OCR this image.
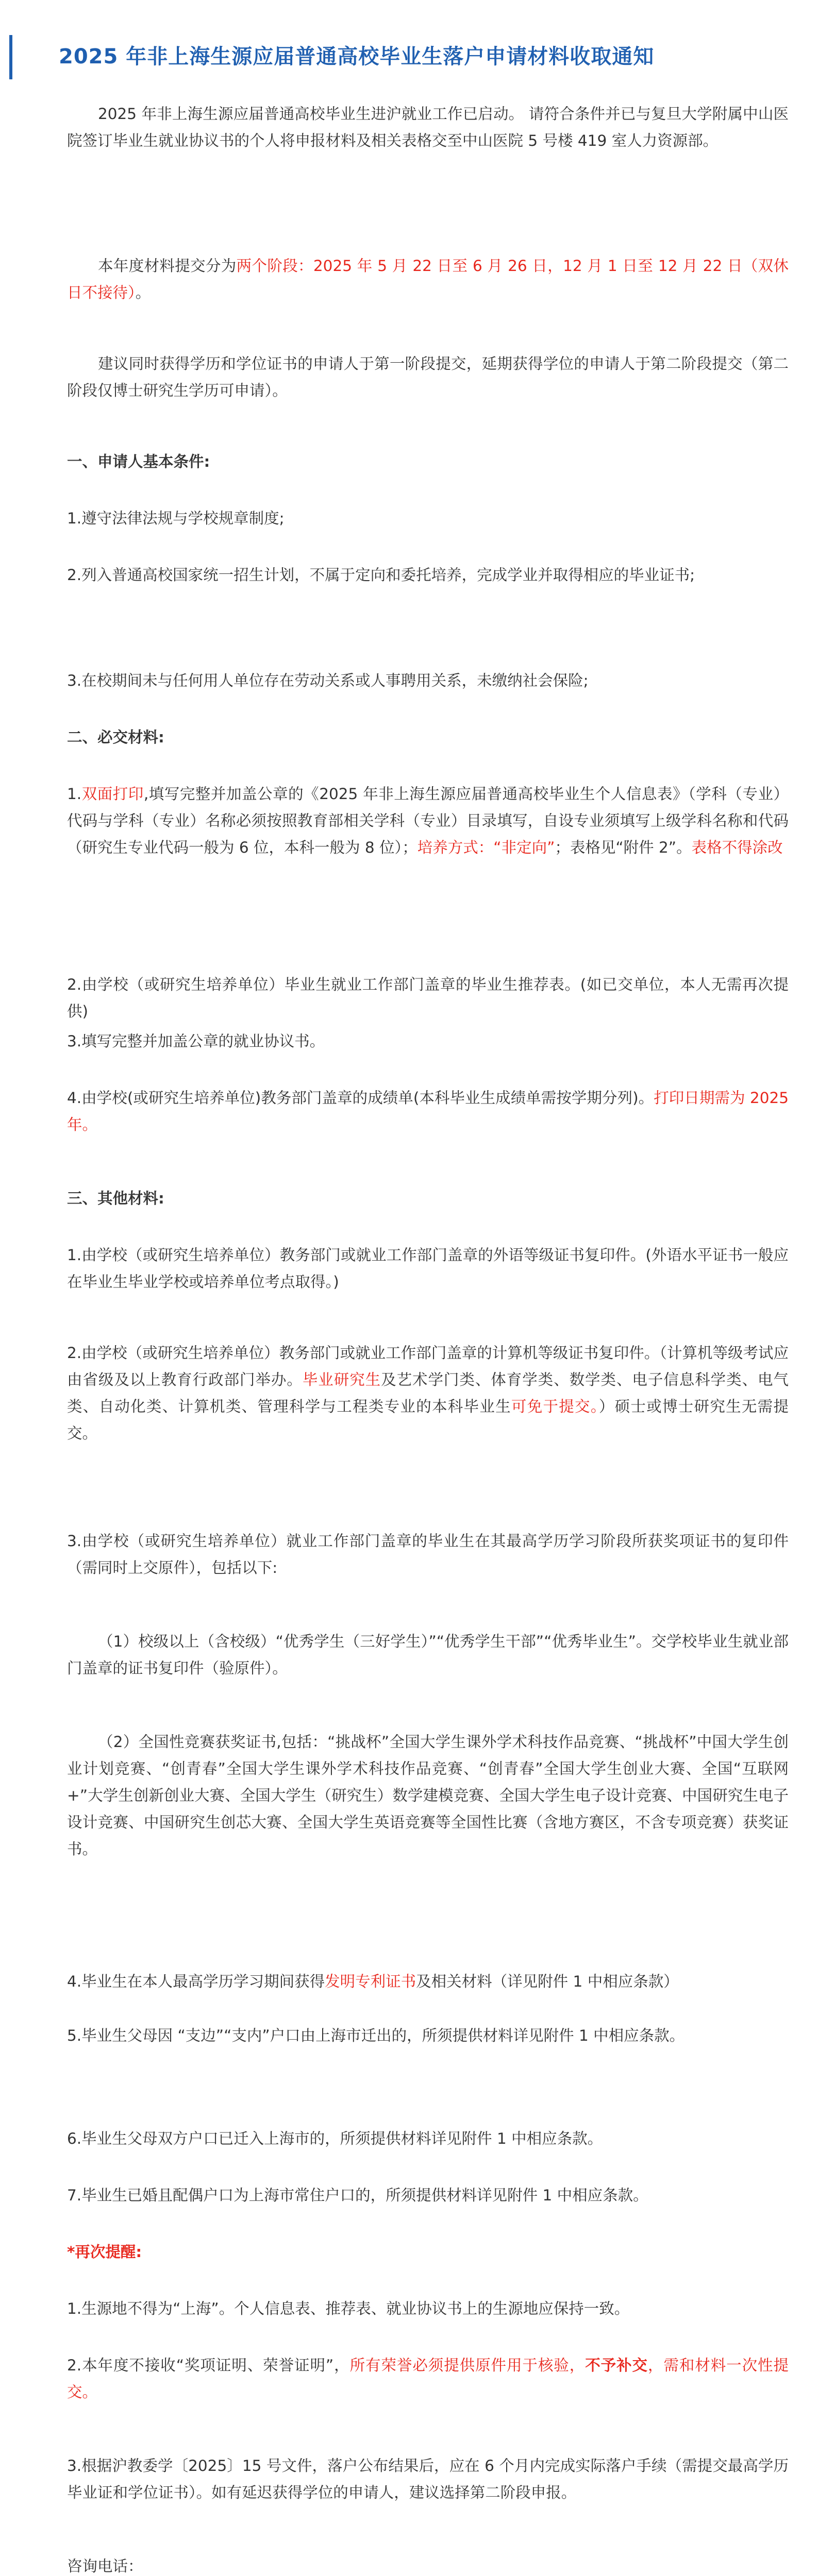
2025 年非上海生源应届普通高校毕业生落户申请材料收取通知

2025 年非上海生源应届普通高校毕业生进沪就业工作已启动。 请符合条件并已与复旦大学附属中山医院签订毕业生就业协议书的个人将申报材料及相关表格交至中山医院 5 号楼 419 室人力资源部。

本年度材料提交分为两个阶段：2025 年 5 月 22 日至 6 月 26 日，12 月 1 日至 12 月 22 日（双休日不接待）。

建议同时获得学历和学位证书的申请人于第一阶段提交，延期获得学位的申请人于第二阶段提交（第二阶段仅博士研究生学历可申请）。

一、申请人基本条件:

1.遵守法律法规与学校规章制度;

2.列入普通高校国家统一招生计划，不属于定向和委托培养，完成学业并取得相应的毕业证书;

3.在校期间未与任何用人单位存在劳动关系或人事聘用关系，未缴纳社会保险;

二、必交材料:

1.双面打印,填写完整并加盖公章的《2025 年非上海生源应届普通高校毕业生个人信息表》（学科（专业）代码与学科（专业）名称必须按照教育部相关学科（专业）目录填写，自设专业须填写上级学科名称和代码（研究生专业代码一般为 6 位，本科一般为 8 位）；培养方式：“非定向”；表格见“附件 2”。表格不得涂改

2.由学校（或研究生培养单位）毕业生就业工作部门盖章的毕业生推荐表。(如已交单位，本人无需再次提供)

3.填写完整并加盖公章的就业协议书。

4.由学校(或研究生培养单位)教务部门盖章的成绩单(本科毕业生成绩单需按学期分列)。打印日期需为 2025 年。

三、其他材料:

1.由学校（或研究生培养单位）教务部门或就业工作部门盖章的外语等级证书复印件。(外语水平证书一般应在毕业生毕业学校或培养单位考点取得。)

2.由学校（或研究生培养单位）教务部门或就业工作部门盖章的计算机等级证书复印件。（计算机等级考试应由省级及以上教育行政部门举办。毕业研究生及艺术学门类、体育学类、数学类、电子信息科学类、电气类、自动化类、计算机类、管理科学与工程类专业的本科毕业生可免于提交。）硕士或博士研究生无需提交。

3.由学校（或研究生培养单位）就业工作部门盖章的毕业生在其最高学历学习阶段所获奖项证书的复印件（需同时上交原件），包括以下:

（1）校级以上（含校级）“优秀学生（三好学生）”“优秀学生干部”“优秀毕业生”。交学校毕业生就业部门盖章的证书复印件（验原件）。

（2）全国性竞赛获奖证书,包括：“挑战杯”全国大学生课外学术科技作品竞赛、“挑战杯”中国大学生创业计划竞赛、“创青春”全国大学生课外学术科技作品竞赛、“创青春”全国大学生创业大赛、全国“互联网+”大学生创新创业大赛、全国大学生（研究生）数学建模竞赛、全国大学生电子设计竞赛、中国研究生电子设计竞赛、中国研究生创芯大赛、全国大学生英语竞赛等全国性比赛（含地方赛区，不含专项竞赛）获奖证书。

4.毕业生在本人最高学历学习期间获得发明专利证书及相关材料（详见附件 1 中相应条款）

5.毕业生父母因 “支边”“支内”户口由上海市迁出的，所须提供材料详见附件 1 中相应条款。

6.毕业生父母双方户口已迁入上海市的，所须提供材料详见附件 1 中相应条款。

7.毕业生已婚且配偶户口为上海市常住户口的，所须提供材料详见附件 1 中相应条款。

*再次提醒:

1.生源地不得为“上海”。个人信息表、推荐表、就业协议书上的生源地应保持一致。

2.本年度不接收“奖项证明、荣誉证明”，所有荣誉必须提供原件用于核验，不予补交，需和材料一次性提交。

3.根据沪教委学〔2025〕15 号文件，落户公布结果后，应在 6 个月内完成实际落户手续（需提交最高学历毕业证和学位证书）。如有延迟获得学位的申请人，建议选择第二阶段申报。

咨询电话：
